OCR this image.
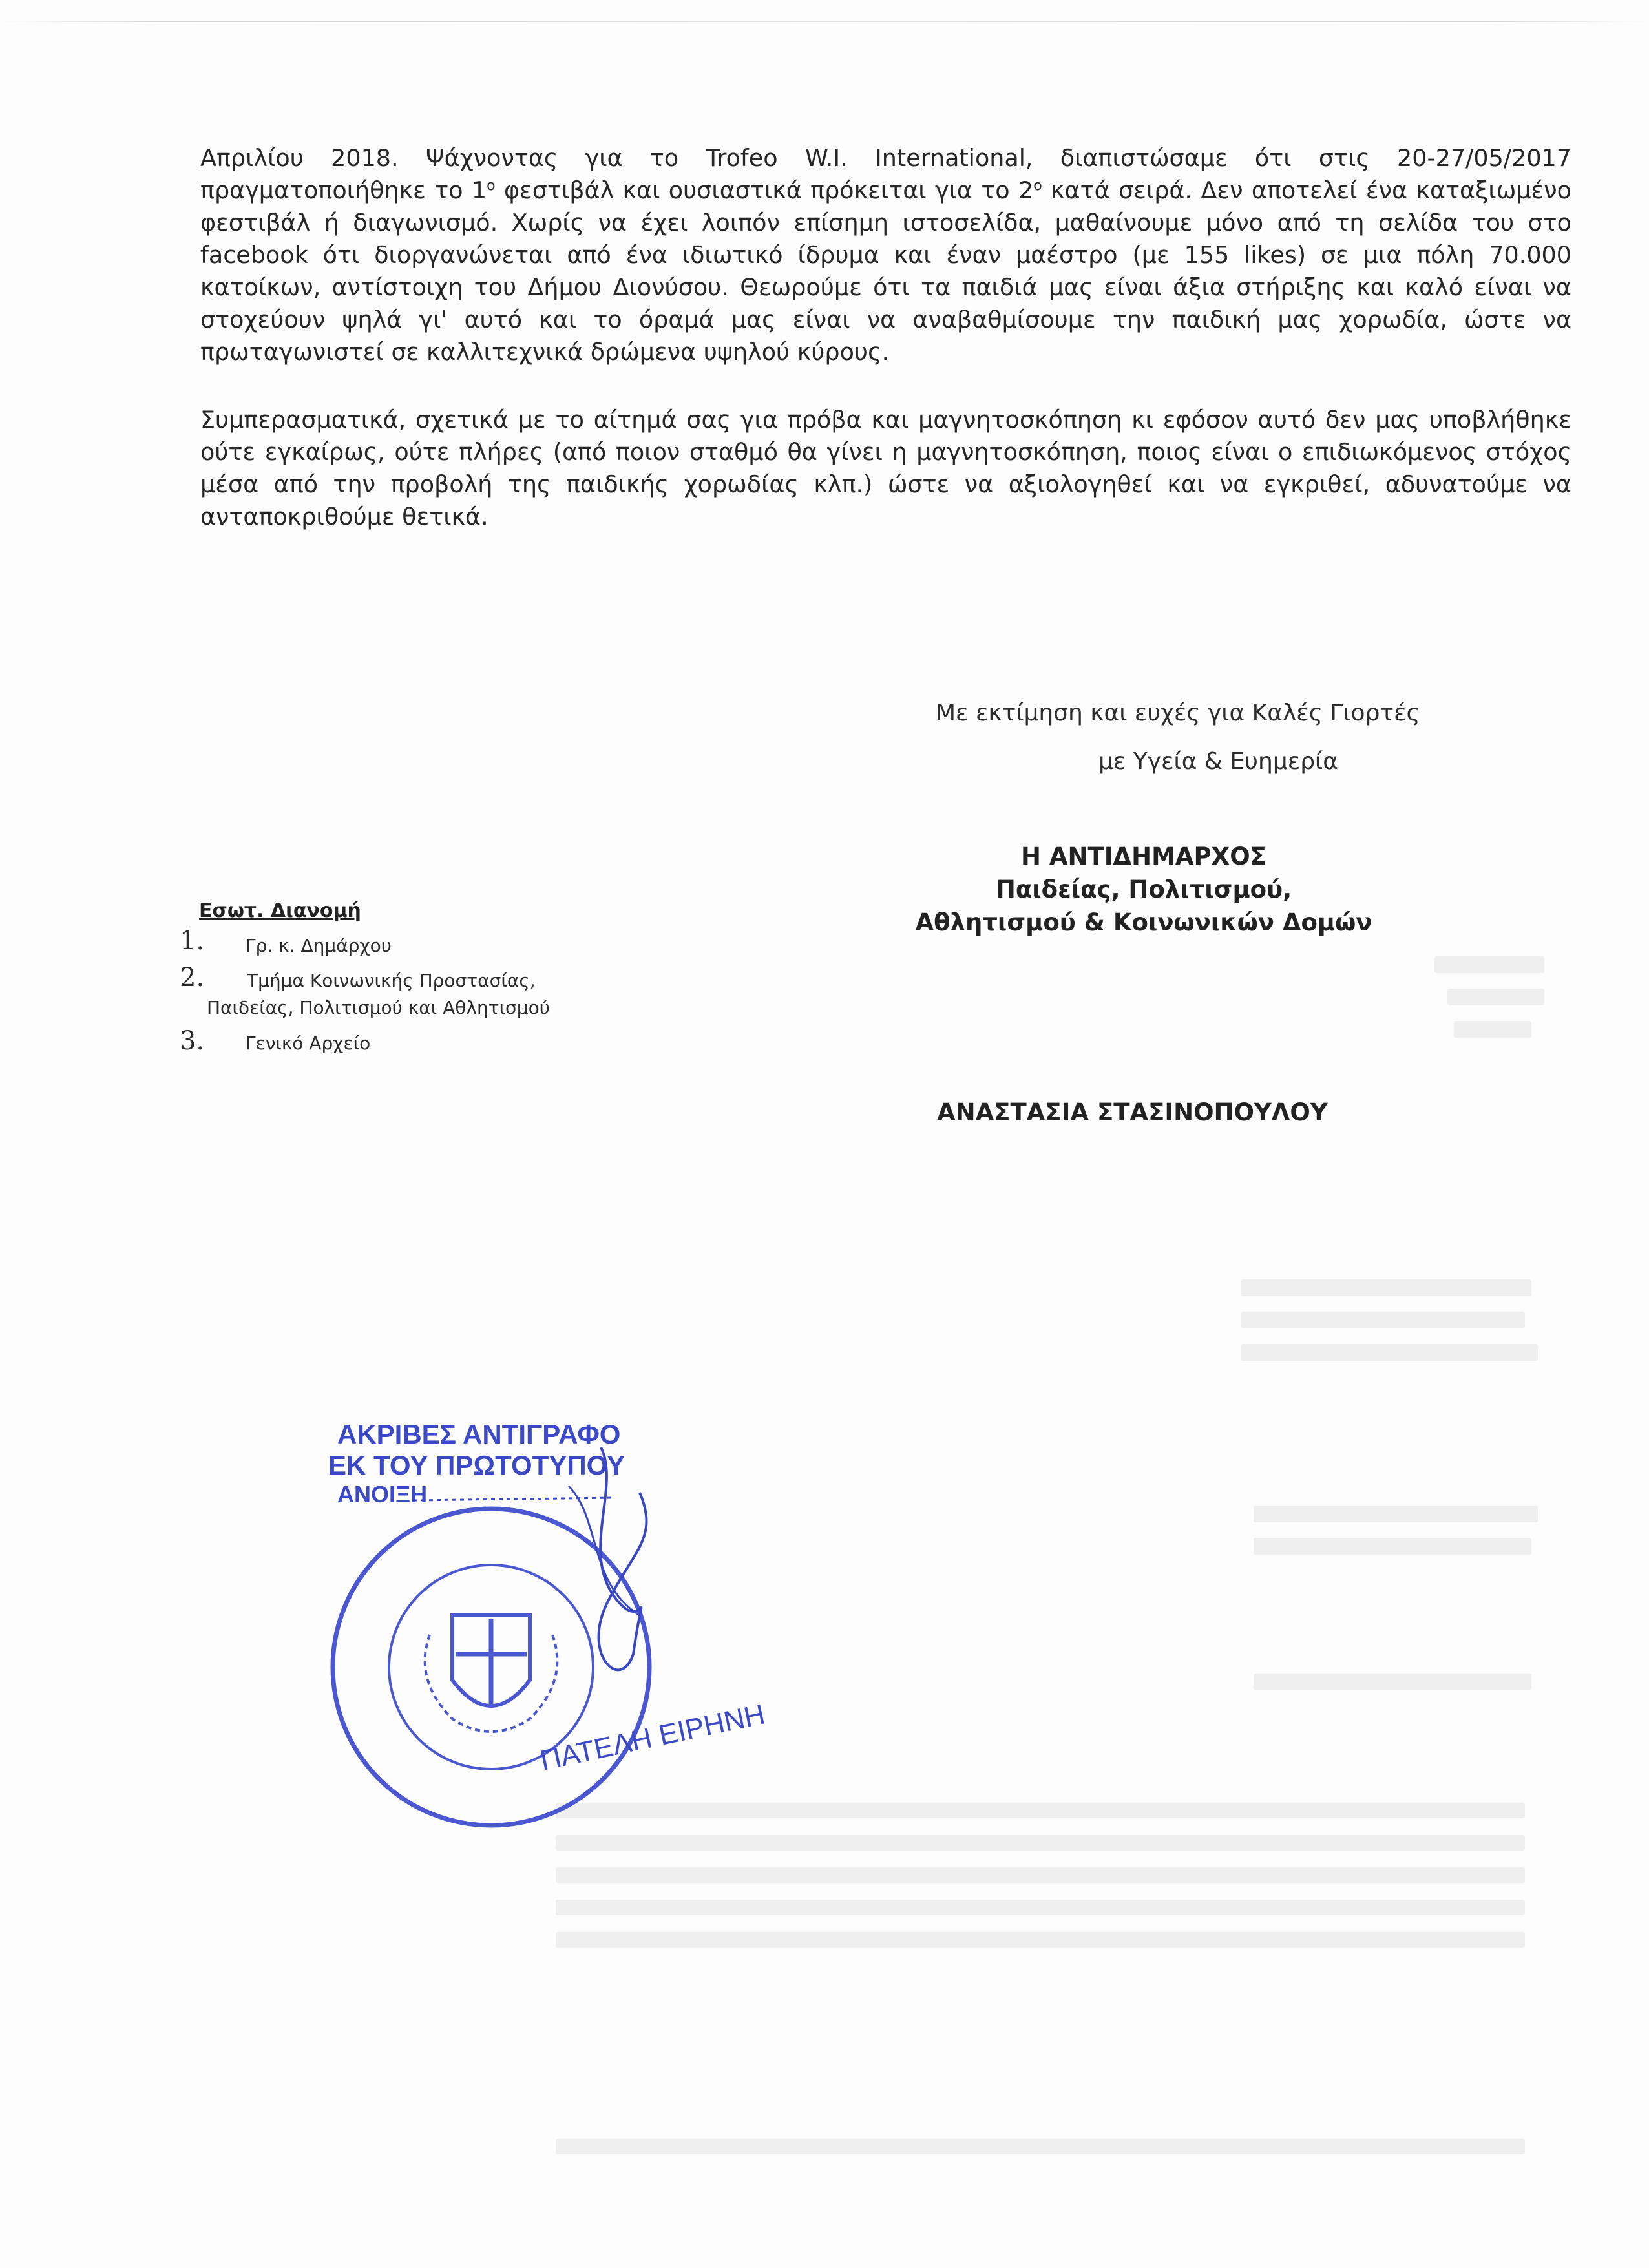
Απριλίου 2018. Ψάχνοντας για το Trofeo W.I. International, διαπιστώσαμε ότι στις 20-27/05/2017 πραγματοποιήθηκε το $1^o$ φεστιβάλ και ουσιαστικά πρόκειται για το $2^o$ κατά σειρά. Δεν αποτελεί ένα καταξιωμένο φεστιβάλ ή διαγωνισμό. Χωρίς να έχει λοιπόν επίσημη ιστοσελίδα, μαθαίνουμε μόνο από τη σελίδα του στο facebook ότι διοργανώνεται από ένα ιδιωτικό ίδρυμα και έναν μαέστρο (με 155 likes) σε μια πόλη 70.000 κατοίκων, αντίστοιχη του Δήμου Διονύσου. Θεωρούμε ότι τα παιδιά μας είναι άξια στήριξης και καλό είναι να στοχεύουν ψηλά γι' αυτό και το όραμά μας είναι να αναβαθμίσουμε την παιδική μας χορωδία, ώστε να πρωταγωνιστεί σε καλλιτεχνικά δρώμενα υψηλού κύρους.
Συμπερασματικά, σχετικά με το αίτημά σας για πρόβα και μαγνητοσκόπηση κι εφόσον αυτό δεν μας υποβλήθηκε ούτε εγκαίρως, ούτε πλήρες (από ποιον σταθμό θα γίνει η μαγνητοσκόπηση, ποιος είναι ο επιδιωκόμενος στόχος μέσα από την προβολή της παιδικής χορωδίας κλπ.) ώστε να αξιολογηθεί και να εγκριθεί, αδυνατούμε να ανταποκριθούμε θετικά.
Με εκτίμηση και ευχές για Καλές Γιορτές
με Υγεία & Ευημερία
Η ΑΝΤΙΔΗΜΑΡΧΟΣ
Παιδείας, Πολιτισμού,
Αθλητισμού & Κοινωνικών Δομών
ΑΝΑΣΤΑΣΙΑ ΣΤΑΣΙΝΟΠΟΥΛΟΥ
Εσωτ. Διανομή
1. Γρ. κ. Δημάρχου
2. Τμήμα Κοινωνικής Προστασίας,
Παιδείας, Πολιτισμού και Αθλητισμού
3. Γενικό Αρχείο
ΑΚΡΙΒΕΣ ΑΝΤΙΓΡΑΦΟ
ΕΚ ΤΟΥ ΠΡΩΤΟΤΥΠΟΥ
ΑΝΟΙΞΗ
ΠΑΤΕΛΗ ΕΙΡΗΝΗ
